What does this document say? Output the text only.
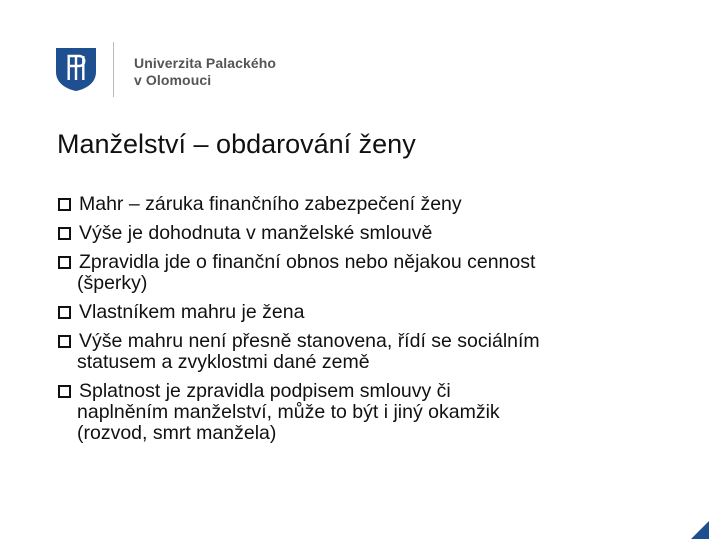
Univerzita Palackého
v Olomouci
Manželství – obdarování ženy
Mahr – záruka finančního zabezpečení ženy
Výše je dohodnuta v manželské smlouvě
Zpravidla jde o finanční obnos nebo nějakou cennost
(šperky)
Vlastníkem mahru je žena
Výše mahru není přesně stanovena, řídí se sociálním
statusem a zvyklostmi dané země
Splatnost je zpravidla podpisem smlouvy či
naplněním manželství, může to být i jiný okamžik
(rozvod, smrt manžela)
